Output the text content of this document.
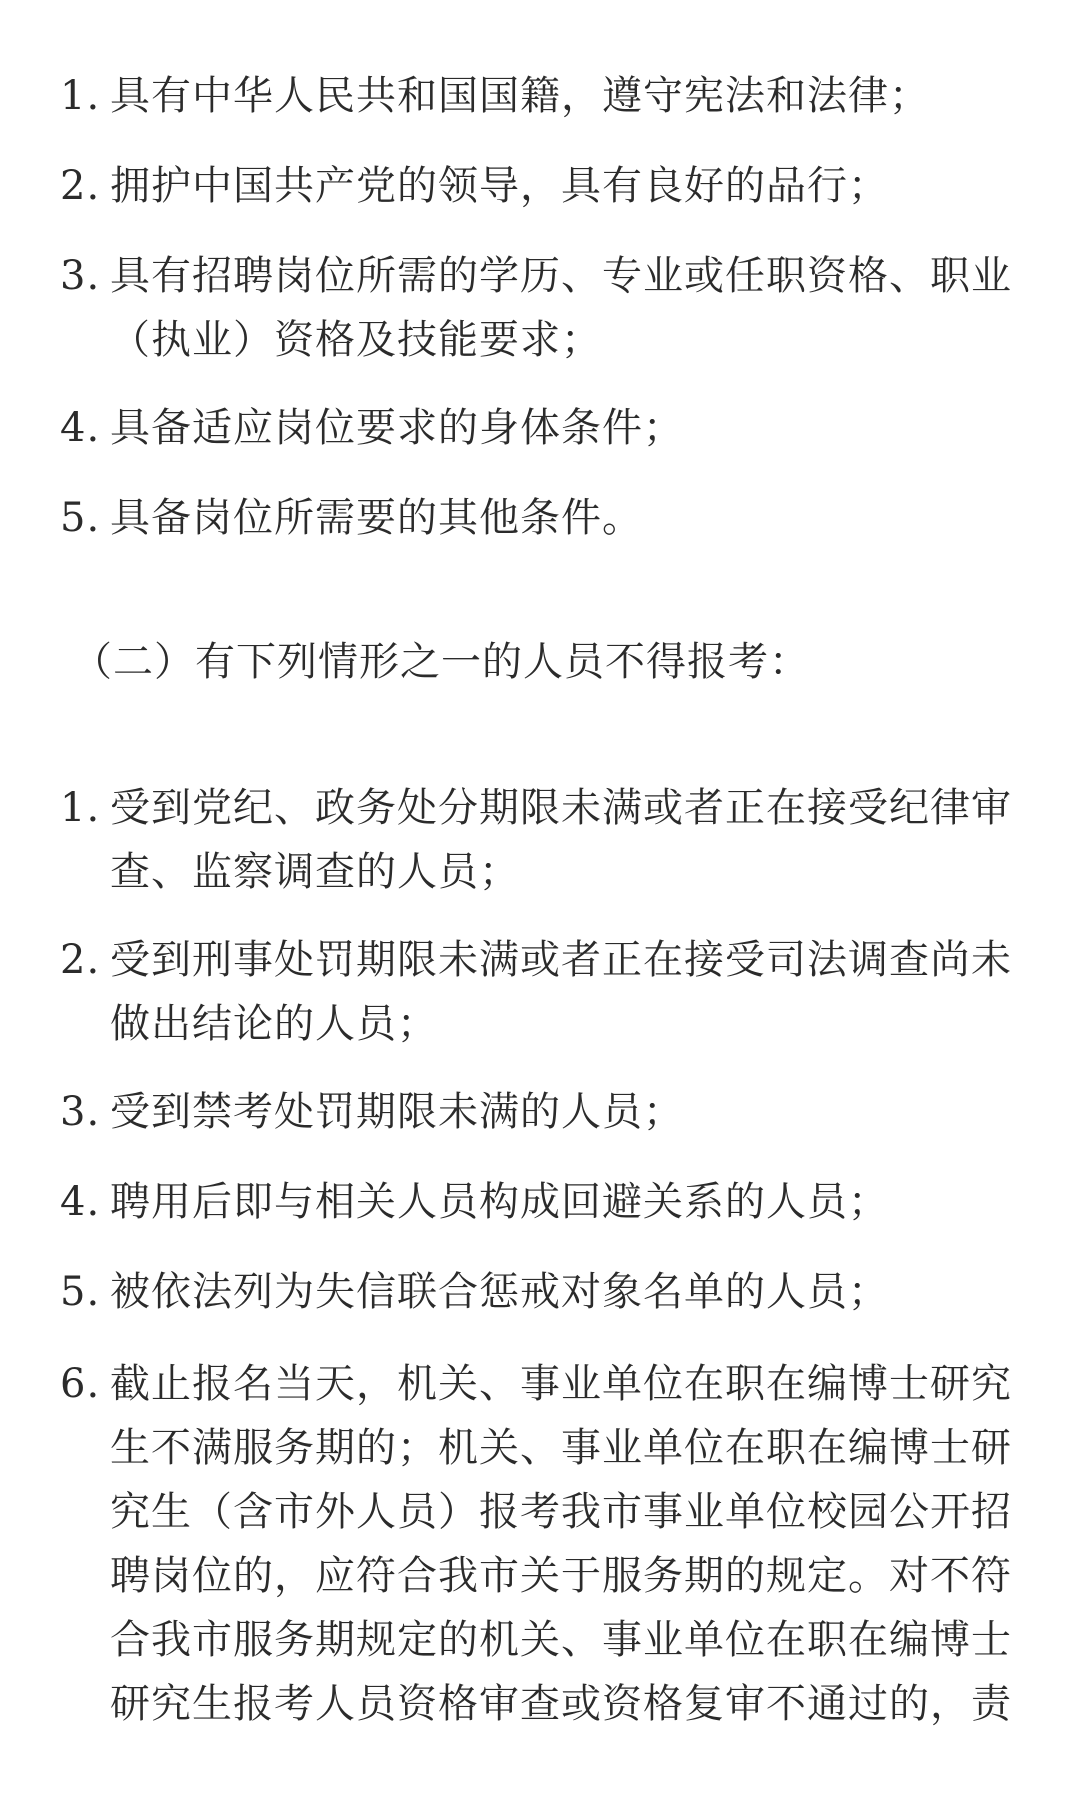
1. 具有中华人民共和国国籍，遵守宪法和法律；
2. 拥护中国共产党的领导，具有良好的品行；
3. 具有招聘岗位所需的学历、专业或任职资格、职业（执业）资格及技能要求；
4. 具备适应岗位要求的身体条件；
5. 具备岗位所需要的其他条件。
（二）有下列情形之一的人员不得报考：
1. 受到党纪、政务处分期限未满或者正在接受纪律审查、监察调查的人员；
2. 受到刑事处罚期限未满或者正在接受司法调查尚未做出结论的人员；
3. 受到禁考处罚期限未满的人员；
4. 聘用后即与相关人员构成回避关系的人员；
5. 被依法列为失信联合惩戒对象名单的人员；
6. 截止报名当天，机关、事业单位在职在编博士研究生不满服务期的；机关、事业单位在职在编博士研究生（含市外人员）报考我市事业单位校园公开招聘岗位的，应符合我市关于服务期的规定。对不符合我市服务期规定的机关、事业单位在职在编博士研究生报考人员资格审查或资格复审不通过的，责
